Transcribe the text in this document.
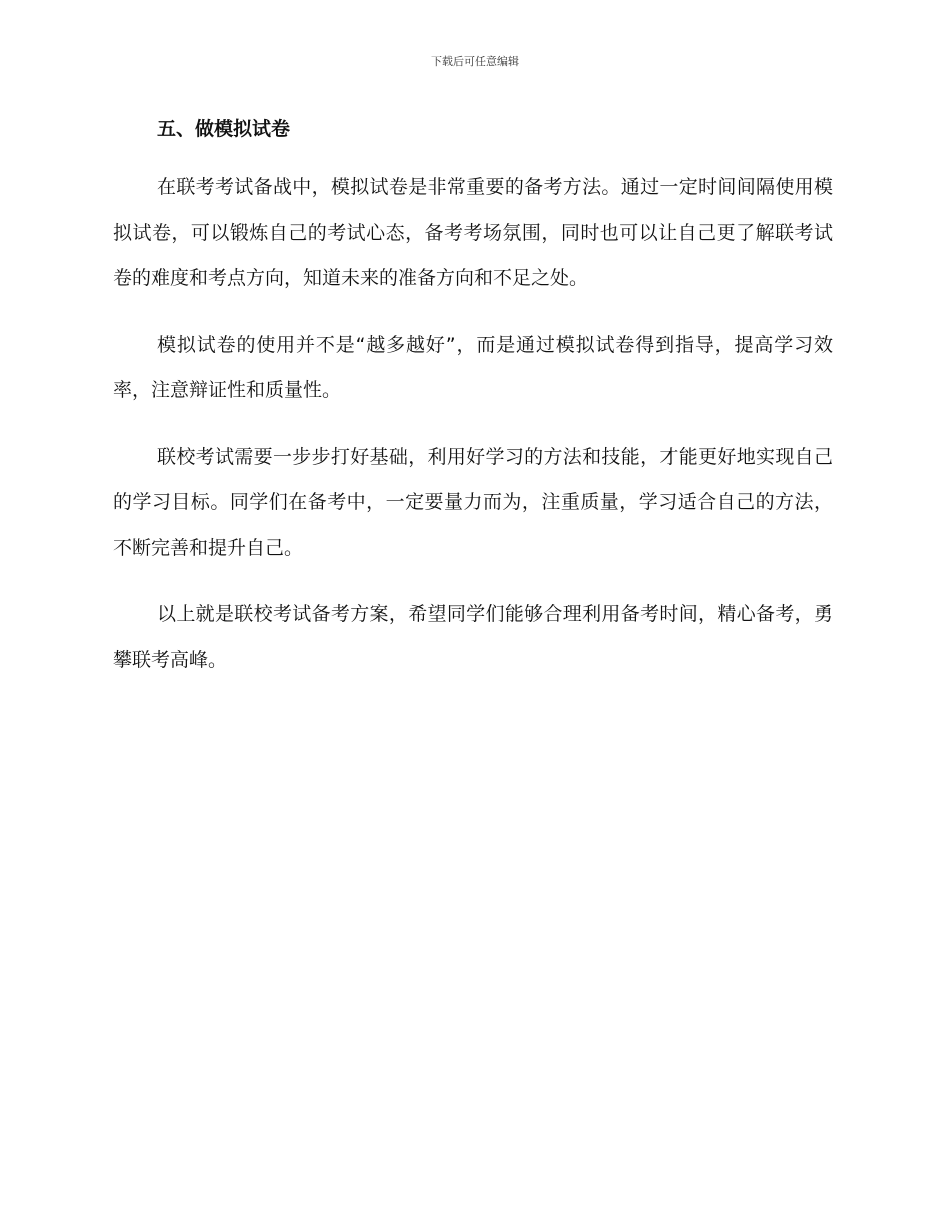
下载后可任意编辑
五、做模拟试卷

在联考考试备战中，模拟试卷是非常重要的备考方法。通过一定时间间隔使用模拟试卷，可以锻炼自己的考试心态，备考考场氛围，同时也可以让自己更了解联考试卷的难度和考点方向，知道未来的准备方向和不足之处。

模拟试卷的使用并不是“越多越好”，而是通过模拟试卷得到指导，提高学习效率，注意辩证性和质量性。

联校考试需要一步步打好基础，利用好学习的方法和技能，才能更好地实现自己的学习目标。同学们在备考中，一定要量力而为，注重质量，学习适合自己的方法，不断完善和提升自己。

以上就是联校考试备考方案，希望同学们能够合理利用备考时间，精心备考，勇攀联考高峰。
